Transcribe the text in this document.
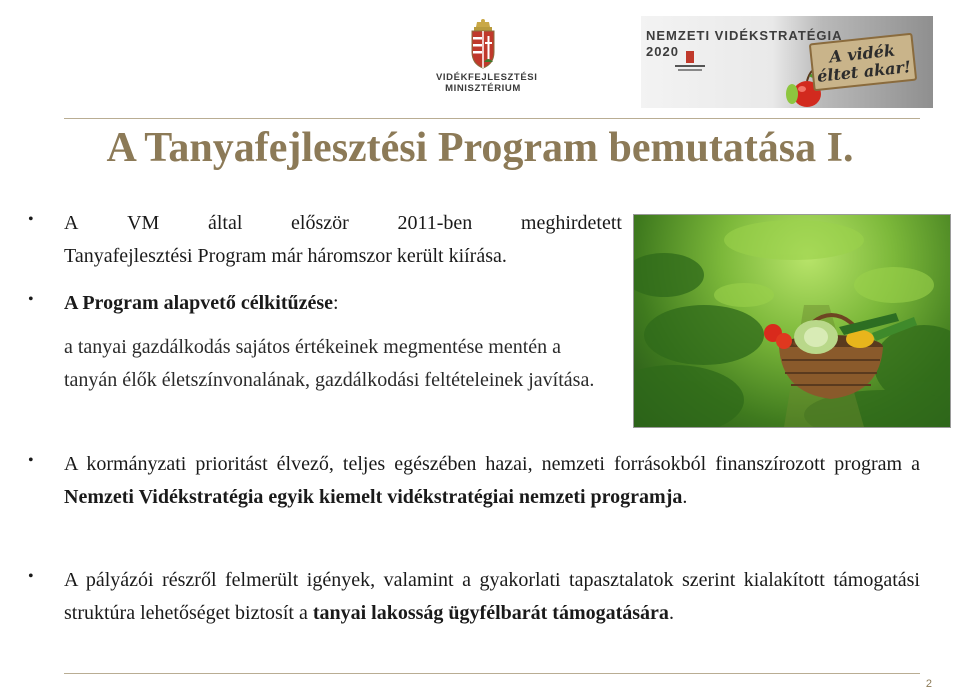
VIDÉKFEJLESZTÉSI
MINISZTÉRIUM
NEMZETI VIDÉKSTRATÉGIA
2020	A vidék
éltet akar!
A Tanyafejlesztési Program bemutatása I.
• A VM által először 2011-ben meghirdetett
Tanyafejlesztési Program már háromszor került kiírása.
• A Program alapvető célkitűzése:
a tanyai gazdálkodás sajátos értékeinek megmentése mentén a tanyán élők életszínvonalának, gazdálkodási feltételeinek javítása.
• A kormányzati prioritást élvező, teljes egészében hazai, nemzeti forrásokból finanszírozott program a Nemzeti Vidékstratégia egyik kiemelt vidékstratégiai nemzeti programja.
• A pályázói részről felmerült igények, valamint a gyakorlati tapasztalatok szerint kialakított támogatási struktúra lehetőséget biztosít a tanyai lakosság ügyfélbarát támogatására.
2
